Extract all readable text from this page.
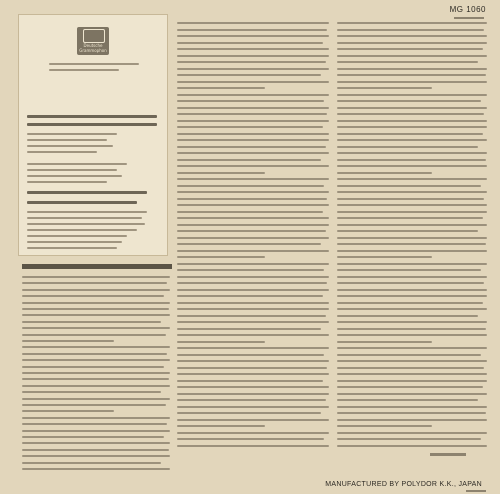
MG 1060
Deutsche Grammophon
MANUFACTURED BY POLYDOR K.K., JAPAN
